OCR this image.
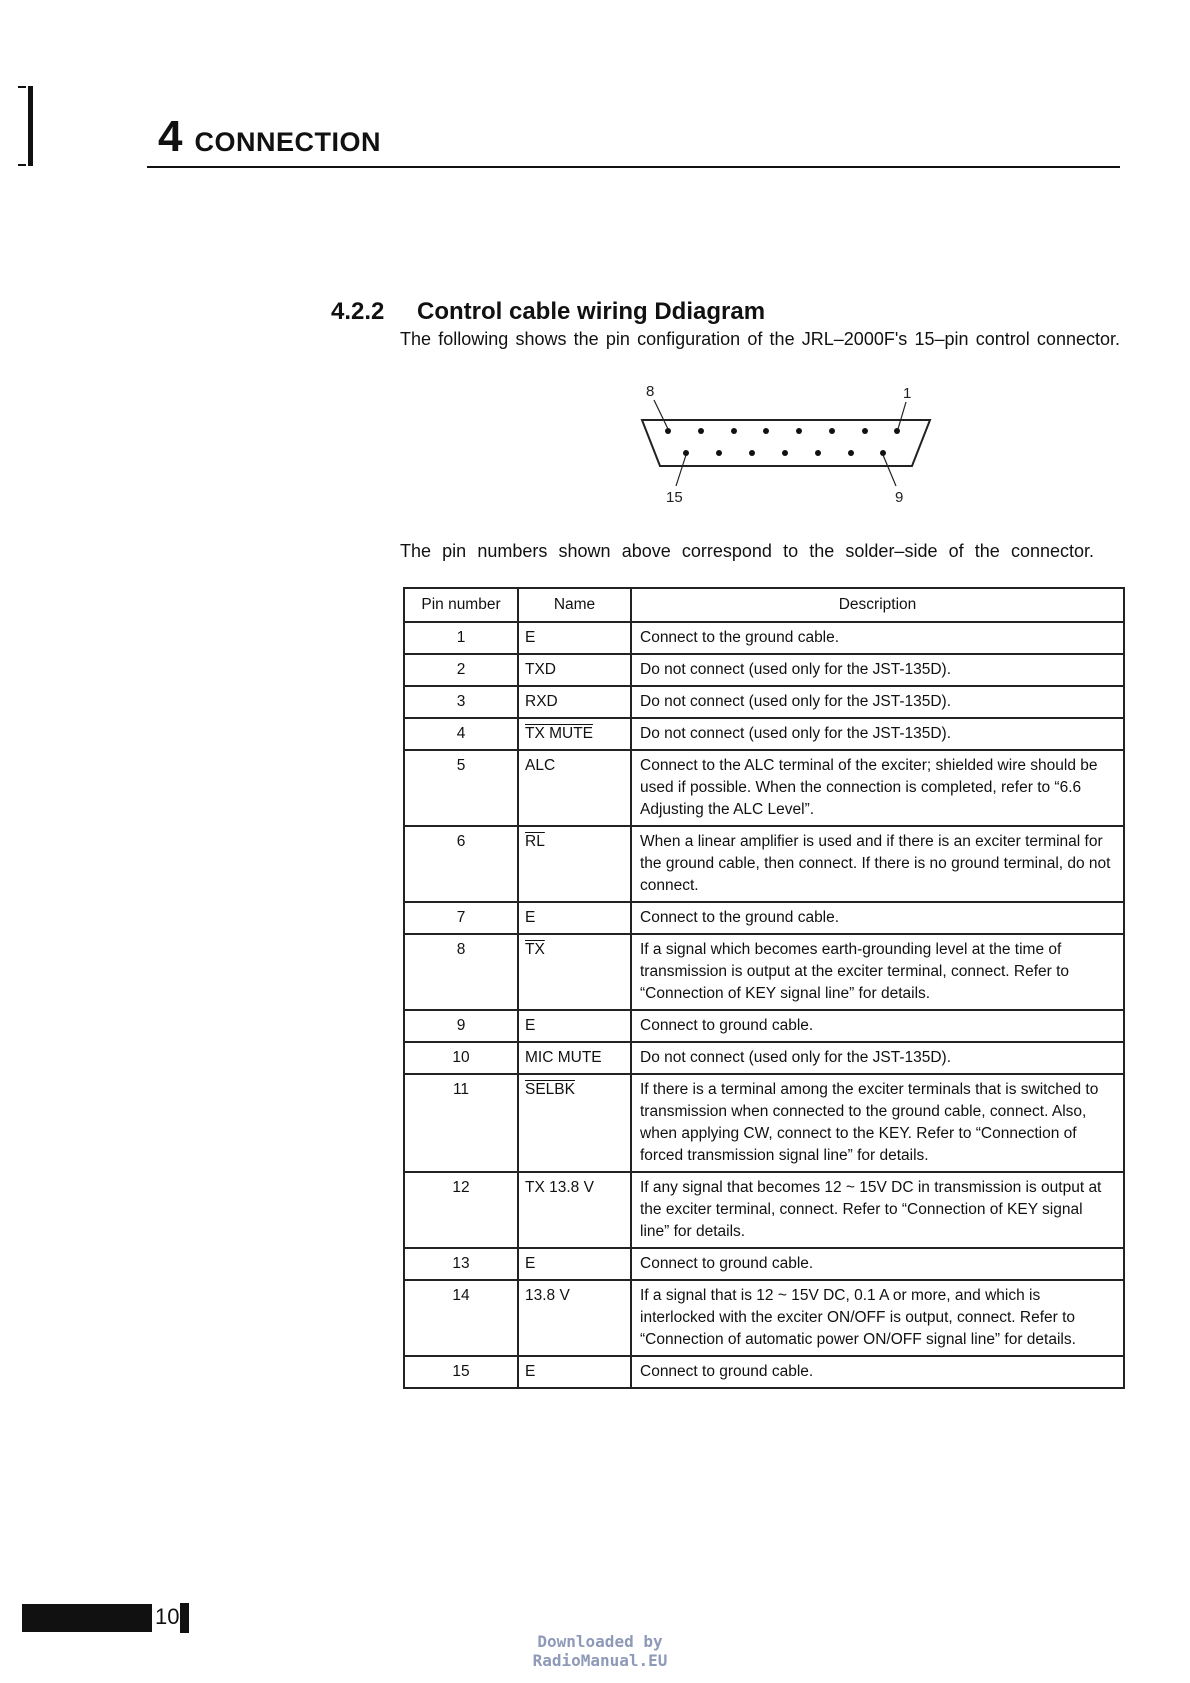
4 CONNECTION
4.2.2 Control cable wiring Ddiagram
The following shows the pin configuration of the JRL–2000F's 15–pin control connector.
8	1
15	9
The pin numbers shown above correspond to the solder–side of the connector.
Pin number	Name	Description
1	E	Connect to the ground cable.
2	TXD	Do not connect (used only for the JST-135D).
3	RXD	Do not connect (used only for the JST-135D).
4	TX MUTE	Do not connect (used only for the JST-135D).
5	ALC	Connect to the ALC terminal of the exciter; shielded wire should be used if possible. When the connection is completed, refer to “6.6 Adjusting the ALC Level”.
6	$\overline{RL}$	When a linear amplifier is used and if there is an exciter terminal for the ground cable, then connect. If there is no ground terminal, do not connect.
7	E	Connect to the ground cable.
8	$\overline{TX}$	If a signal which becomes earth-grounding level at the time of transmission is output at the exciter terminal, connect. Refer to “Connection of KEY signal line” for details.
9	E	Connect to ground cable.
10	MIC MUTE	Do not connect (used only for the JST-135D).
11	SELBK	If there is a terminal among the exciter terminals that is switched to transmission when connected to the ground cable, connect. Also, when applying CW, connect to the KEY. Refer to “Connection of forced transmission signal line” for details.
12	TX 13.8 V	If any signal that becomes 12 ~ 15V DC in transmission is output at the exciter terminal, connect. Refer to “Connection of KEY signal line” for details.
13	E	Connect to ground cable.
14	13.8 V	If a signal that is 12 ~ 15V DC, 0.1 A or more, and which is interlocked with the exciter ON/OFF is output, connect. Refer to “Connection of automatic power ON/OFF signal line” for details.
15	E	Connect to ground cable.
10
Downloaded by
RadioManual.EU
